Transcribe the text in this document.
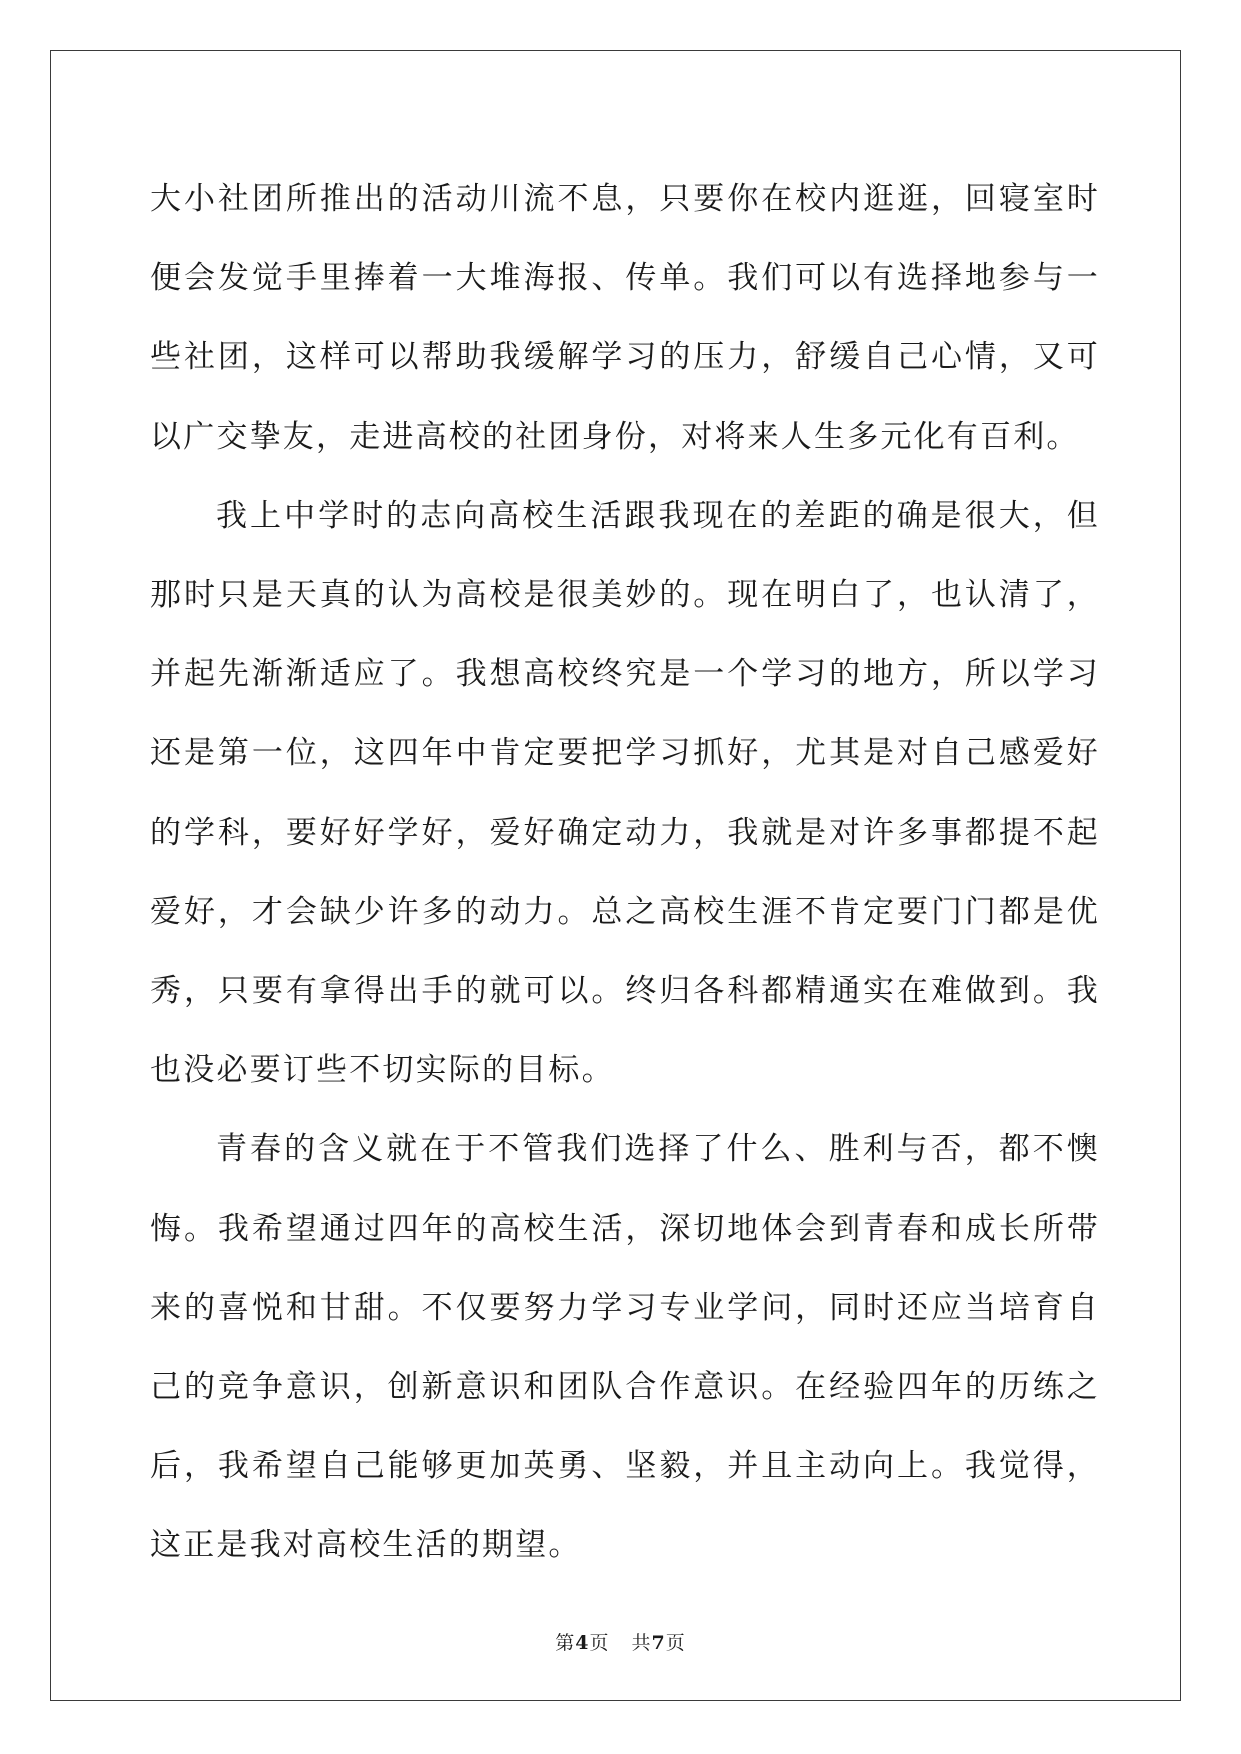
大小社团所推出的活动川流不息，只要你在校内逛逛，回寝室时便会发觉手里捧着一大堆海报、传单。我们可以有选择地参与一些社团，这样可以帮助我缓解学习的压力，舒缓自己心情，又可以广交挚友，走进高校的社团身份，对将来人生多元化有百利。

我上中学时的志向高校生活跟我现在的差距的确是很大，但那时只是天真的认为高校是很美妙的。现在明白了，也认清了，并起先渐渐适应了。我想高校终究是一个学习的地方，所以学习还是第一位，这四年中肯定要把学习抓好，尤其是对自己感爱好的学科，要好好学好，爱好确定动力，我就是对许多事都提不起爱好，才会缺少许多的动力。总之高校生涯不肯定要门门都是优秀，只要有拿得出手的就可以。终归各科都精通实在难做到。我也没必要订些不切实际的目标。

青春的含义就在于不管我们选择了什么、胜利与否，都不懊悔。我希望通过四年的高校生活，深切地体会到青春和成长所带来的喜悦和甘甜。不仅要努力学习专业学问，同时还应当培育自己的竞争意识，创新意识和团队合作意识。在经验四年的历练之后，我希望自己能够更加英勇、坚毅，并且主动向上。我觉得，这正是我对高校生活的期望。

第4页 共7页
